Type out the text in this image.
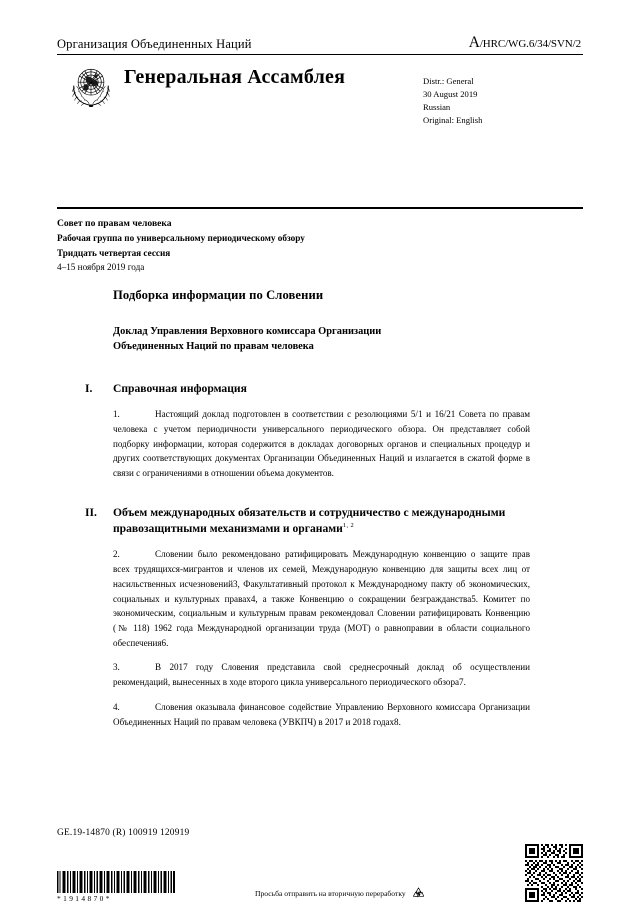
Организация Объединенных Наций	A/HRC/WG.6/34/SVN/2
Генеральная Ассамблея	Distr.: General
30 August 2019
Russian
Original: English
Совет по правам человека
Рабочая группа по универсальному периодическому обзору
Тридцать четвертая сессия
4–15 ноября 2019 года
Подборка информации по Словении
Доклад Управления Верховного комиссара Организации
Объединенных Наций по правам человека
I.	Справочная информация

1.	Настоящий доклад подготовлен в соответствии с резолюциями 5/1 и 16/21 Совета по правам человека с учетом периодичности универсального периодического обзора. Он представляет собой подборку информации, которая содержится в докладах договорных органов и специальных процедур и других соответствующих документах Организации Объединенных Наций и излагается в сжатой форме в связи с ограничениями в отношении объема документов.

II.	Объем международных обязательств и сотрудничество с международными правозащитными механизмами и органами$^{1, 2}$

2.	Словении было рекомендовано ратифицировать Международную конвенцию о защите прав всех трудящихся-мигрантов и членов их семей, Международную конвенцию для защиты всех лиц от насильственных исчезновений3, Факультативный протокол к Международному пакту об экономических, социальных и культурных правах4, а также Конвенцию о сокращении безгражданства5. Комитет по экономическим, социальным и культурным правам рекомендовал Словении ратифицировать Конвенцию (№ 118) 1962 года Международной организации труда (МОТ) о равноправии в области социального обеспечения6.

3.	В 2017 году Словения представила свой среднесрочный доклад об осуществлении рекомендаций, вынесенных в ходе второго цикла универсального периодического обзора7.

4.	Словения оказывала финансовое содействие Управлению Верховного комиссара Организации Объединенных Наций по правам человека (УВКПЧ) в 2017 и 2018 годах8.

GE.19-14870 (R) 100919 120919
*1914870*
Просьба отправить на вторичную переработку
